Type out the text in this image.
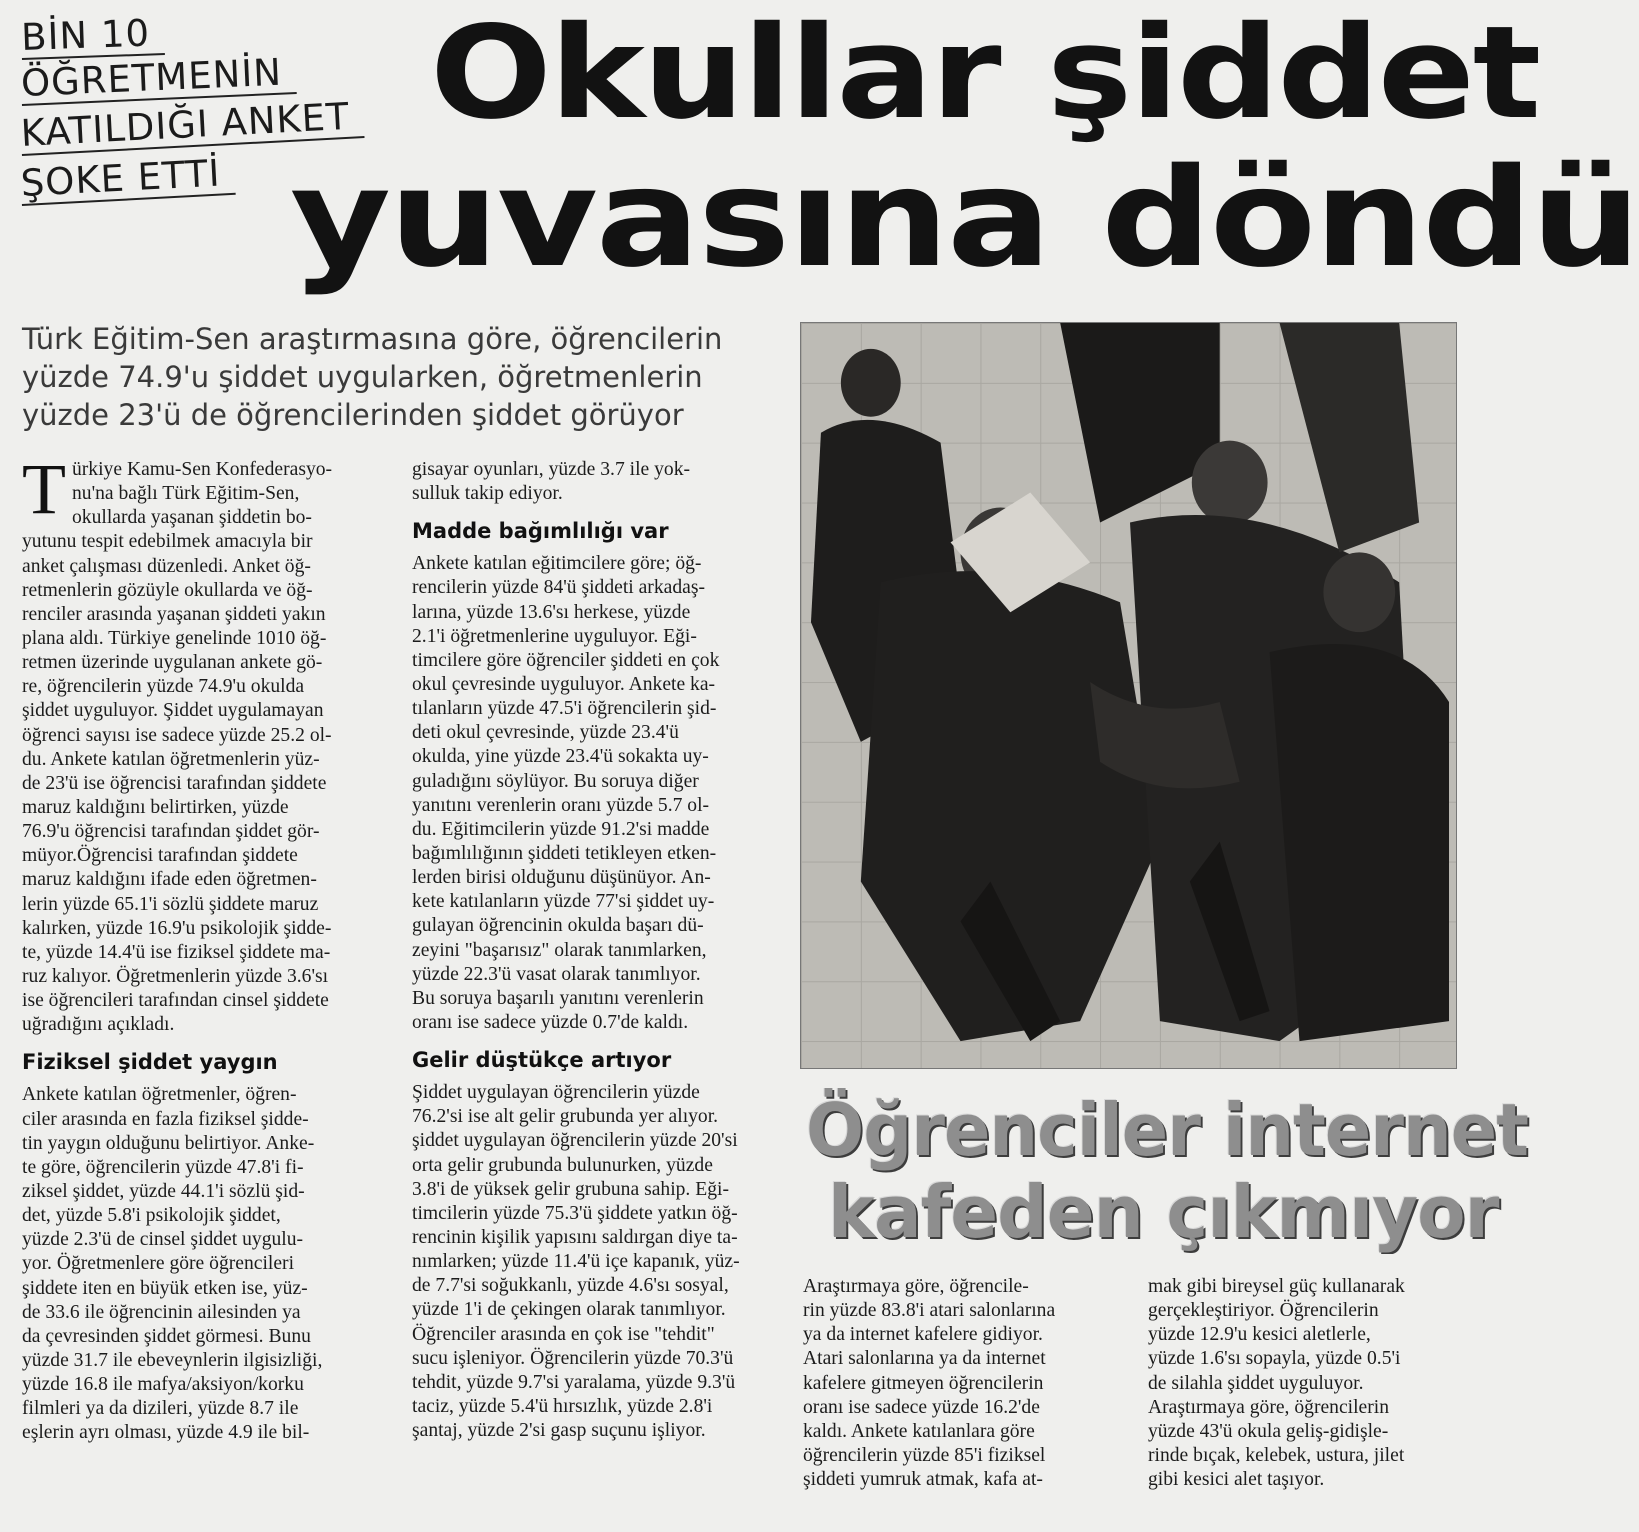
BİN 10
ÖĞRETMENİN
KATILDIĞI ANKET
ŞOKE ETTİ
Okullar şiddet
yuvasına döndü
Türk Eğitim-Sen araştırmasına göre, öğrencilerin
yüzde 74.9'u şiddet uygularken, öğretmenlerin
yüzde 23'ü de öğrencilerinden şiddet görüyor
T ürkiye Kamu-Sen Konfederasyo-
nu'na bağlı Türk Eğitim-Sen,
okullarda yaşanan şiddetin bo-
yutunu tespit edebilmek amacıyla bir
anket çalışması düzenledi. Anket öğ-
retmenlerin gözüyle okullarda ve öğ-
renciler arasında yaşanan şiddeti yakın
plana aldı. Türkiye genelinde 1010 öğ-
retmen üzerinde uygulanan ankete gö-
re, öğrencilerin yüzde 74.9'u okulda
şiddet uyguluyor. Şiddet uygulamayan
öğrenci sayısı ise sadece yüzde 25.2 ol-
du. Ankete katılan öğretmenlerin yüz-
de 23'ü ise öğrencisi tarafından şiddete
maruz kaldığını belirtirken, yüzde
76.9'u öğrencisi tarafından şiddet gör-
müyor.Öğrencisi tarafından şiddete
maruz kaldığını ifade eden öğretmen-
lerin yüzde 65.1'i sözlü şiddete maruz
kalırken, yüzde 16.9'u psikolojik şidde-
te, yüzde 14.4'ü ise fiziksel şiddete ma-
ruz kalıyor. Öğretmenlerin yüzde 3.6'sı
ise öğrencileri tarafından cinsel şiddete
uğradığını açıkladı.
Fiziksel şiddet yaygın
Ankete katılan öğretmenler, öğren-
ciler arasında en fazla fiziksel şidde-
tin yaygın olduğunu belirtiyor. Anke-
te göre, öğrencilerin yüzde 47.8'i fi-
ziksel şiddet, yüzde 44.1'i sözlü şid-
det, yüzde 5.8'i psikolojik şiddet,
yüzde 2.3'ü de cinsel şiddet uygulu-
yor. Öğretmenlere göre öğrencileri
şiddete iten en büyük etken ise, yüz-
de 33.6 ile öğrencinin ailesinden ya
da çevresinden şiddet görmesi. Bunu
yüzde 31.7 ile ebeveynlerin ilgisizliği,
yüzde 16.8 ile mafya/aksiyon/korku
filmleri ya da dizileri, yüzde 8.7 ile
eşlerin ayrı olması, yüzde 4.9 ile bil-
gisayar oyunları, yüzde 3.7 ile yok-
sulluk takip ediyor.
Madde bağımlılığı var
Ankete katılan eğitimcilere göre; öğ-
rencilerin yüzde 84'ü şiddeti arkadaş-
larına, yüzde 13.6'sı herkese, yüzde
2.1'i öğretmenlerine uyguluyor. Eği-
timcilere göre öğrenciler şiddeti en çok
okul çevresinde uyguluyor. Ankete ka-
tılanların yüzde 47.5'i öğrencilerin şid-
deti okul çevresinde, yüzde 23.4'ü
okulda, yine yüzde 23.4'ü sokakta uy-
guladığını söylüyor. Bu soruya diğer
yanıtını verenlerin oranı yüzde 5.7 ol-
du. Eğitimcilerin yüzde 91.2'si madde
bağımlılığının şiddeti tetikleyen etken-
lerden birisi olduğunu düşünüyor. An-
kete katılanların yüzde 77'si şiddet uy-
gulayan öğrencinin okulda başarı dü-
zeyini "başarısız" olarak tanımlarken,
yüzde 22.3'ü vasat olarak tanımlıyor.
Bu soruya başarılı yanıtını verenlerin
oranı ise sadece yüzde 0.7'de kaldı.
Gelir düştükçe artıyor
Şiddet uygulayan öğrencilerin yüzde
76.2'si ise alt gelir grubunda yer alıyor.
şiddet uygulayan öğrencilerin yüzde 20'si
orta gelir grubunda bulunurken, yüzde
3.8'i de yüksek gelir grubuna sahip. Eği-
timcilerin yüzde 75.3'ü şiddete yatkın öğ-
rencinin kişilik yapısını saldırgan diye ta-
nımlarken; yüzde 11.4'ü içe kapanık, yüz-
de 7.7'si soğukkanlı, yüzde 4.6'sı sosyal,
yüzde 1'i de çekingen olarak tanımlıyor.
Öğrenciler arasında en çok ise "tehdit"
sucu işleniyor. Öğrencilerin yüzde 70.3'ü
tehdit, yüzde 9.7'si yaralama, yüzde 9.3'ü
taciz, yüzde 5.4'ü hırsızlık, yüzde 2.8'i
şantaj, yüzde 2'si gasp suçunu işliyor.
Öğrenciler internet
kafeden çıkmıyor
Araştırmaya göre, öğrencile-
rin yüzde 83.8'i atari salonlarına
ya da internet kafelere gidiyor.
Atari salonlarına ya da internet
kafelere gitmeyen öğrencilerin
oranı ise sadece yüzde 16.2'de
kaldı. Ankete katılanlara göre
öğrencilerin yüzde 85'i fiziksel
şiddeti yumruk atmak, kafa at-
mak gibi bireysel güç kullanarak
gerçekleştiriyor. Öğrencilerin
yüzde 12.9'u kesici aletlerle,
yüzde 1.6'sı sopayla, yüzde 0.5'i
de silahla şiddet uyguluyor.
Araştırmaya göre, öğrencilerin
yüzde 43'ü okula geliş-gidişle-
rinde bıçak, kelebek, ustura, jilet
gibi kesici alet taşıyor.
